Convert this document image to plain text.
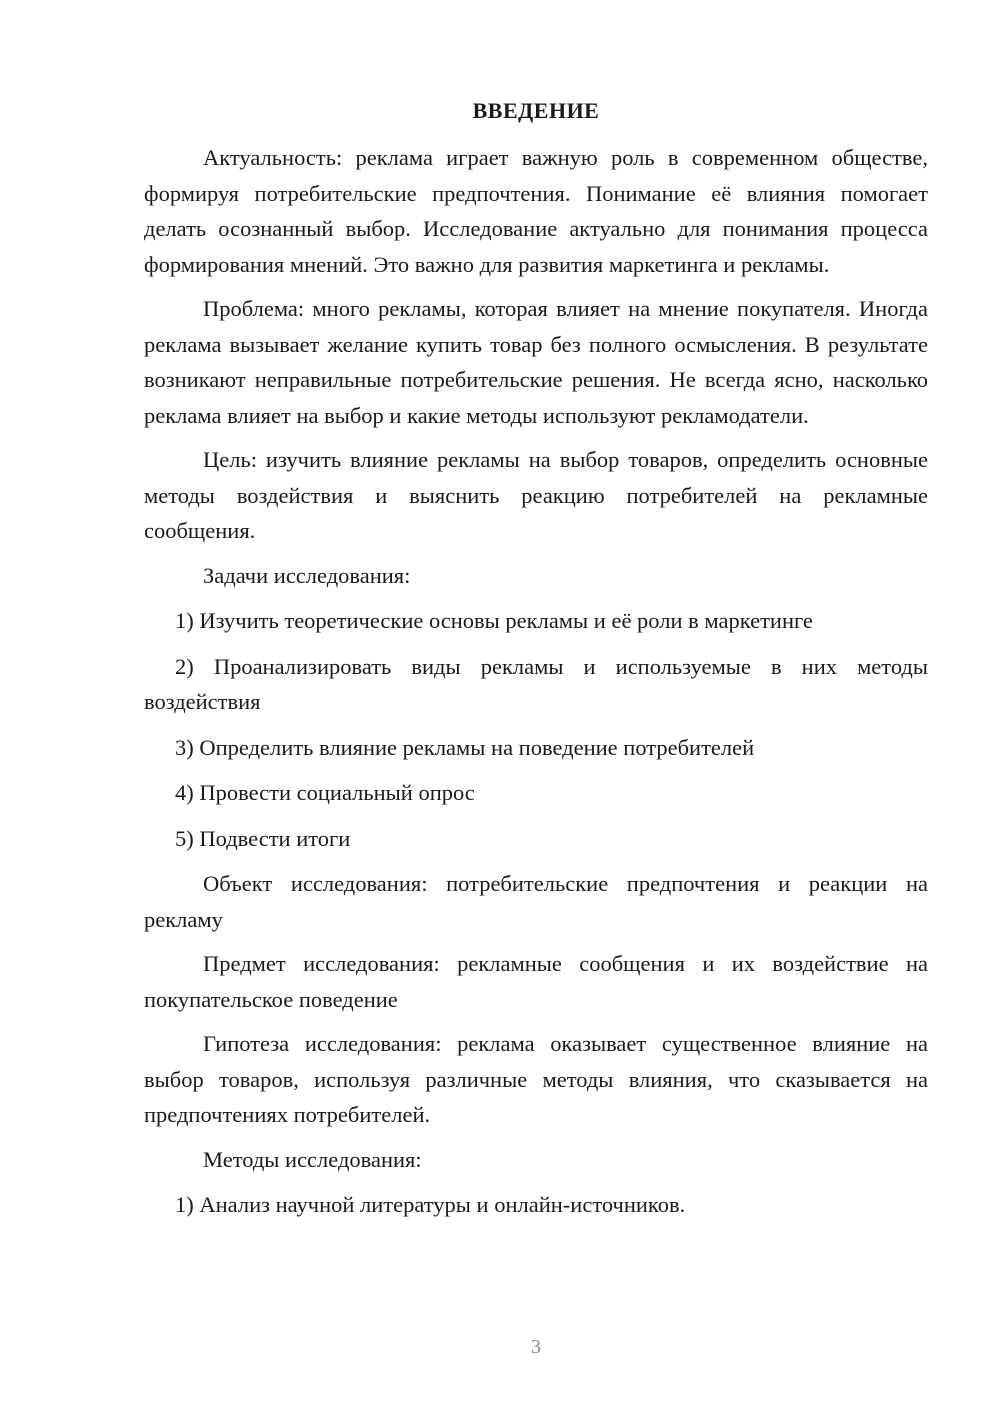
ВВЕДЕНИЕ

Актуальность: реклама играет важную роль в современном обществе, формируя потребительские предпочтения. Понимание её влияния помогает делать осознанный выбор. Исследование актуально для понимания процесса формирования мнений. Это важно для развития маркетинга и рекламы.

Проблема: много рекламы, которая влияет на мнение покупателя. Иногда реклама вызывает желание купить товар без полного осмысления. В результате возникают неправильные потребительские решения. Не всегда ясно, насколько реклама влияет на выбор и какие методы используют рекламодатели.

Цель: изучить влияние рекламы на выбор товаров, определить основные методы воздействия и выяснить реакцию потребителей на рекламные сообщения.

Задачи исследования:

1) Изучить теоретические основы рекламы и её роли в маркетинге

2) Проанализировать виды рекламы и используемые в них методы воздействия

3) Определить влияние рекламы на поведение потребителей

4) Провести социальный опрос

5) Подвести итоги

Объект исследования: потребительские предпочтения и реакции на рекламу

Предмет исследования: рекламные сообщения и их воздействие на покупательское поведение

Гипотеза исследования: реклама оказывает существенное влияние на выбор товаров, используя различные методы влияния, что сказывается на предпочтениях потребителей.

Методы исследования:

1) Анализ научной литературы и онлайн-источников.

3
